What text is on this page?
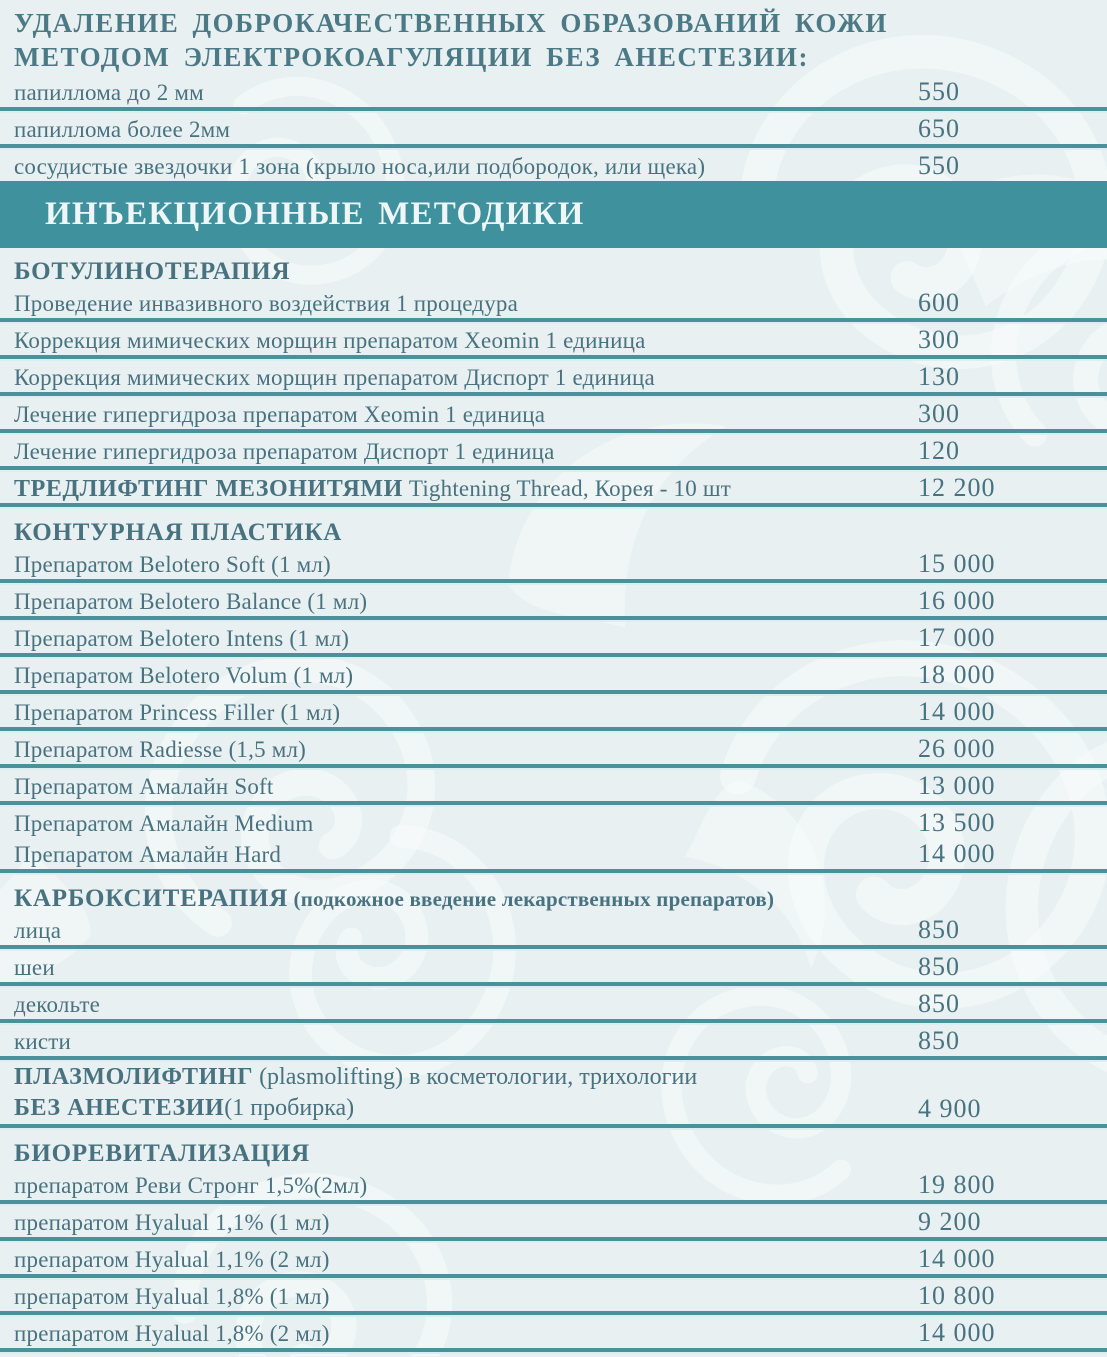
УДАЛЕНИЕ ДОБРОКАЧЕСТВЕННЫХ ОБРАЗОВАНИЙ КОЖИ
МЕТОДОМ ЭЛЕКТРОКОАГУЛЯЦИИ БЕЗ АНЕСТЕЗИИ:
папиллома до 2 мм	550
папиллома более 2мм	650
сосудистые звездочки 1 зона (крыло носа,или подбородок, или щека)	550
ИНЪЕКЦИОННЫЕ МЕТОДИКИ
БОТУЛИНОТЕРАПИЯ
Проведение инвазивного воздействия 1 процедура	600
Коррекция мимических морщин препаратом Xeomin 1 единица	300
Коррекция мимических морщин препаратом Диспорт 1 единица	130
Лечение гипергидроза препаратом Xeomin 1 единица	300
Лечение гипергидроза препаратом Диспорт 1 единица	120
ТРЕДЛИФТИНГ МЕЗОНИТЯМИ Tightening Thread, Корея - 10 шт	12 200
КОНТУРНАЯ ПЛАСТИКА
Препаратом Belotero Soft (1 мл)	15 000
Препаратом Belotero Balance (1 мл)	16 000
Препаратом Belotero Intens (1 мл)	17 000
Препаратом Belotero Volum (1 мл)	18 000
Препаратом Princess Filler (1 мл)	14 000
Препаратом Radiesse (1,5 мл)	26 000
Препаратом Амалайн Soft	13 000
Препаратом Амалайн Medium	13 500
Препаратом Амалайн Hard	14 000
КАРБОКСИТЕРАПИЯ (подкожное введение лекарственных препаратов)
лица	850
шеи	850
декольте	850
кисти	850
ПЛАЗМОЛИФТИНГ (plasmolifting) в косметологии, трихологии
БЕЗ АНЕСТЕЗИИ(1 пробирка)	4 900
БИОРЕВИТАЛИЗАЦИЯ
препаратом Реви Стронг 1,5%(2мл)	19 800
препаратом Hyalual 1,1% (1 мл)	9 200
препаратом Hyalual 1,1% (2 мл)	14 000
препаратом Hyalual 1,8% (1 мл)	10 800
препаратом Hyalual 1,8% (2 мл)	14 000
